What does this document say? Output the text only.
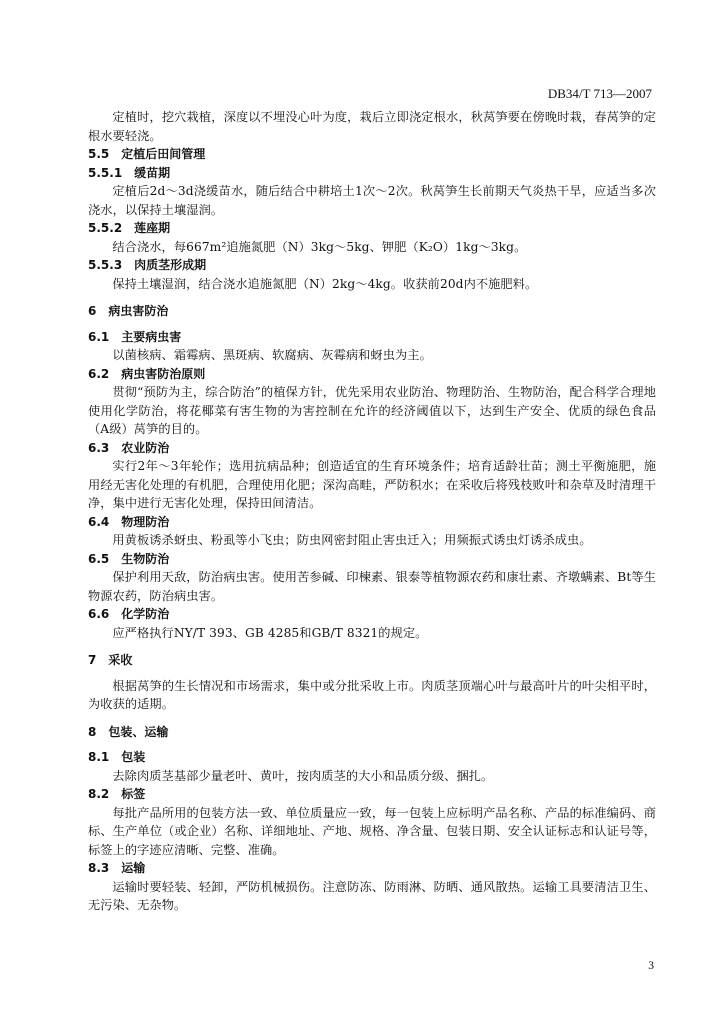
DB34/T 713—2007

定植时，挖穴栽植，深度以不埋没心叶为度，栽后立即浇定根水，秋莴笋要在傍晚时栽，春莴笋的定根水要轻浇。

5.5　定植后田间管理

5.5.1　缓苗期

定植后2d～3d浇缓苗水，随后结合中耕培土1次～2次。秋莴笋生长前期天气炎热干旱，应适当多次浇水，以保持土壤湿润。

5.5.2　莲座期

结合浇水，每667m²追施氮肥（N）3kg～5kg、钾肥（K₂O）1kg～3kg。

5.5.3　肉质茎形成期

保持土壤湿润，结合浇水追施氮肥（N）2kg～4kg。收获前20d内不施肥料。

6　病虫害防治

6.1　主要病虫害

以菌核病、霜霉病、黑斑病、软腐病、灰霉病和蚜虫为主。

6.2　病虫害防治原则

贯彻“预防为主，综合防治”的植保方针，优先采用农业防治、物理防治、生物防治，配合科学合理地使用化学防治，将花椰菜有害生物的为害控制在允许的经济阈值以下，达到生产安全、优质的绿色食品（A级）莴笋的目的。

6.3　农业防治

实行2年～3年轮作；选用抗病品种；创造适宜的生育环境条件；培育适龄壮苗；测土平衡施肥，施用经无害化处理的有机肥，合理使用化肥；深沟高畦，严防积水；在采收后将残枝败叶和杂草及时清理干净，集中进行无害化处理，保持田间清洁。

6.4　物理防治

用黄板诱杀蚜虫、粉虱等小飞虫；防虫网密封阻止害虫迁入；用频振式诱虫灯诱杀成虫。

6.5　生物防治

保护利用天敌，防治病虫害。使用苦参碱、印楝素、银泰等植物源农药和康壮素、齐墩螨素、Bt等生物源农药，防治病虫害。

6.6　化学防治

应严格执行NY/T 393、GB 4285和GB/T 8321的规定。

7　采收

根据莴笋的生长情况和市场需求，集中或分批采收上市。肉质茎顶端心叶与最高叶片的叶尖相平时，为收获的适期。

8　包装、运输

8.1　包装

去除肉质茎基部少量老叶、黄叶，按肉质茎的大小和品质分级、捆扎。

8.2　标签

每批产品所用的包装方法一致、单位质量应一致，每一包装上应标明产品名称、产品的标准编码、商标、生产单位（或企业）名称、详细地址、产地、规格、净含量、包装日期、安全认证标志和认证号等，标签上的字迹应清晰、完整、准确。

8.3　运输

运输时要轻装、轻卸，严防机械损伤。注意防冻、防雨淋、防晒、通风散热。运输工具要清洁卫生、无污染、无杂物。

3
